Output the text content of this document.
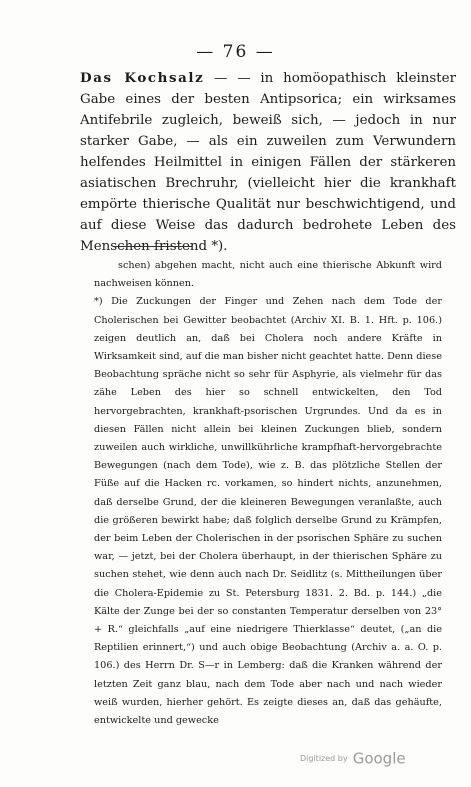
— 76 —

Das Kochsalz — — in homöopathisch kleinster Gabe eines der besten Antipsorica; ein wirksames Antifebrile zugleich, beweiß sich, — jedoch in nur starker Gabe, — als ein zuweilen zum Verwundern helfendes Heilmittel in einigen Fällen der stärkeren asiatischen Brechruhr, (vielleicht hier die krankhaft empörte thierische Qualität nur beschwichtigend, und auf diese Weise das dadurch bedrohete Leben des Menschen fristend *).

schen) abgehen macht, nicht auch eine thierische Abkunft wird nachweisen können.

*) Die Zuckungen der Finger und Zehen nach dem Tode der Cholerischen bei Gewitter beobachtet (Archiv XI. B. 1. Hft. p. 106.) zeigen deutlich an, daß bei Cholera noch andere Kräfte in Wirksamkeit sind, auf die man bisher nicht geachtet hatte. Denn diese Beobachtung spräche nicht so sehr für Asphyrie, als vielmehr für das zähe Leben des hier so schnell entwickelten, den Tod hervorgebrachten, krankhaft-psorischen Urgrundes. Und da es in diesen Fällen nicht allein bei kleinen Zuckungen blieb, sondern zuweilen auch wirkliche, unwillkührliche krampfhaft-hervorgebrachte Bewegungen (nach dem Tode), wie z. B. das plötzliche Stellen der Füße auf die Hacken rc. vorkamen, so hindert nichts, anzunehmen, daß derselbe Grund, der die kleineren Bewegungen veranlaßte, auch die größeren bewirkt habe; daß folglich derselbe Grund zu Krämpfen, der beim Leben der Cholerischen in der psorischen Sphäre zu suchen war, — jetzt, bei der Cholera überhaupt, in der thierischen Sphäre zu suchen stehet, wie denn auch nach Dr. Seidlitz (s. Mittheilungen über die Cholera-Epidemie zu St. Petersburg 1831. 2. Bd. p. 144.) „die Kälte der Zunge bei der so constanten Temperatur derselben von 23° + R.“ gleichfalls „auf eine niedrigere Thierklasse“ deutet, („an die Reptilien erinnert,“) und auch obige Beobachtung (Archiv a. a. O. p. 106.) des Herrn Dr. S—r in Lemberg: daß die Kranken während der letzten Zeit ganz blau, nach dem Tode aber nach und nach wieder weiß wurden, hierher gehört. Es zeigte dieses an, daß das gehäufte, entwickelte und gewecke

Digitized by Google
